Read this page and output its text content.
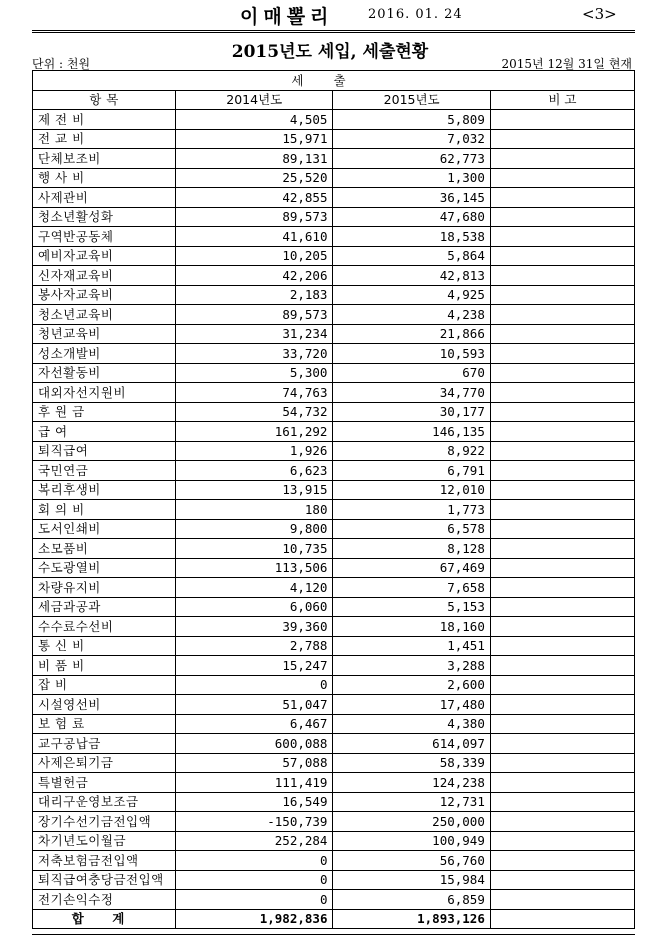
이매뽈리	2016. 01. 24	<3>
2015년도 세입, 세출현황
단위 : 천원	2015년 12월 31일 현재
세출			
항 목	2014년도	2015년도	비 고
제 전 비	4,505	5,809	
전 교 비	15,971	7,032	
단체보조비	89,131	62,773	
행 사 비	25,520	1,300	
사제관비	42,855	36,145	
청소년활성화	89,573	47,680	
구역반공동체	41,610	18,538	
예비자교육비	10,205	5,864	
신자재교육비	42,206	42,813	
봉사자교육비	2,183	4,925	
청소년교육비	89,573	4,238	
청년교육비	31,234	21,866	
성소개발비	33,720	10,593	
자선활동비	5,300	670	
대외자선지원비	74,763	34,770	
후 원 금	54,732	30,177	
급 여	161,292	146,135	
퇴직급여	1,926	8,922	
국민연금	6,623	6,791	
복리후생비	13,915	12,010	
회 의 비	180	1,773	
도서인쇄비	9,800	6,578	
소모품비	10,735	8,128	
수도광열비	113,506	67,469	
차량유지비	4,120	7,658	
세금과공과	6,060	5,153	
수수료수선비	39,360	18,160	
통 신 비	2,788	1,451	
비 품 비	15,247	3,288	
잡 비	0	2,600	
시설영선비	51,047	17,480	
보 험 료	6,467	4,380	
교구공납금	600,088	614,097	
사제은퇴기금	57,088	58,339	
특별헌금	111,419	124,238	
대리구운영보조금	16,549	12,731	
장기수선기금전입액	-150,739	250,000	
차기년도이월금	252,284	100,949	
저축보험금전입액	0	56,760	
퇴직급여충당금전입액	0	15,984	
전기손익수정	0	6,859	
합 계	1,982,836	1,893,126	
